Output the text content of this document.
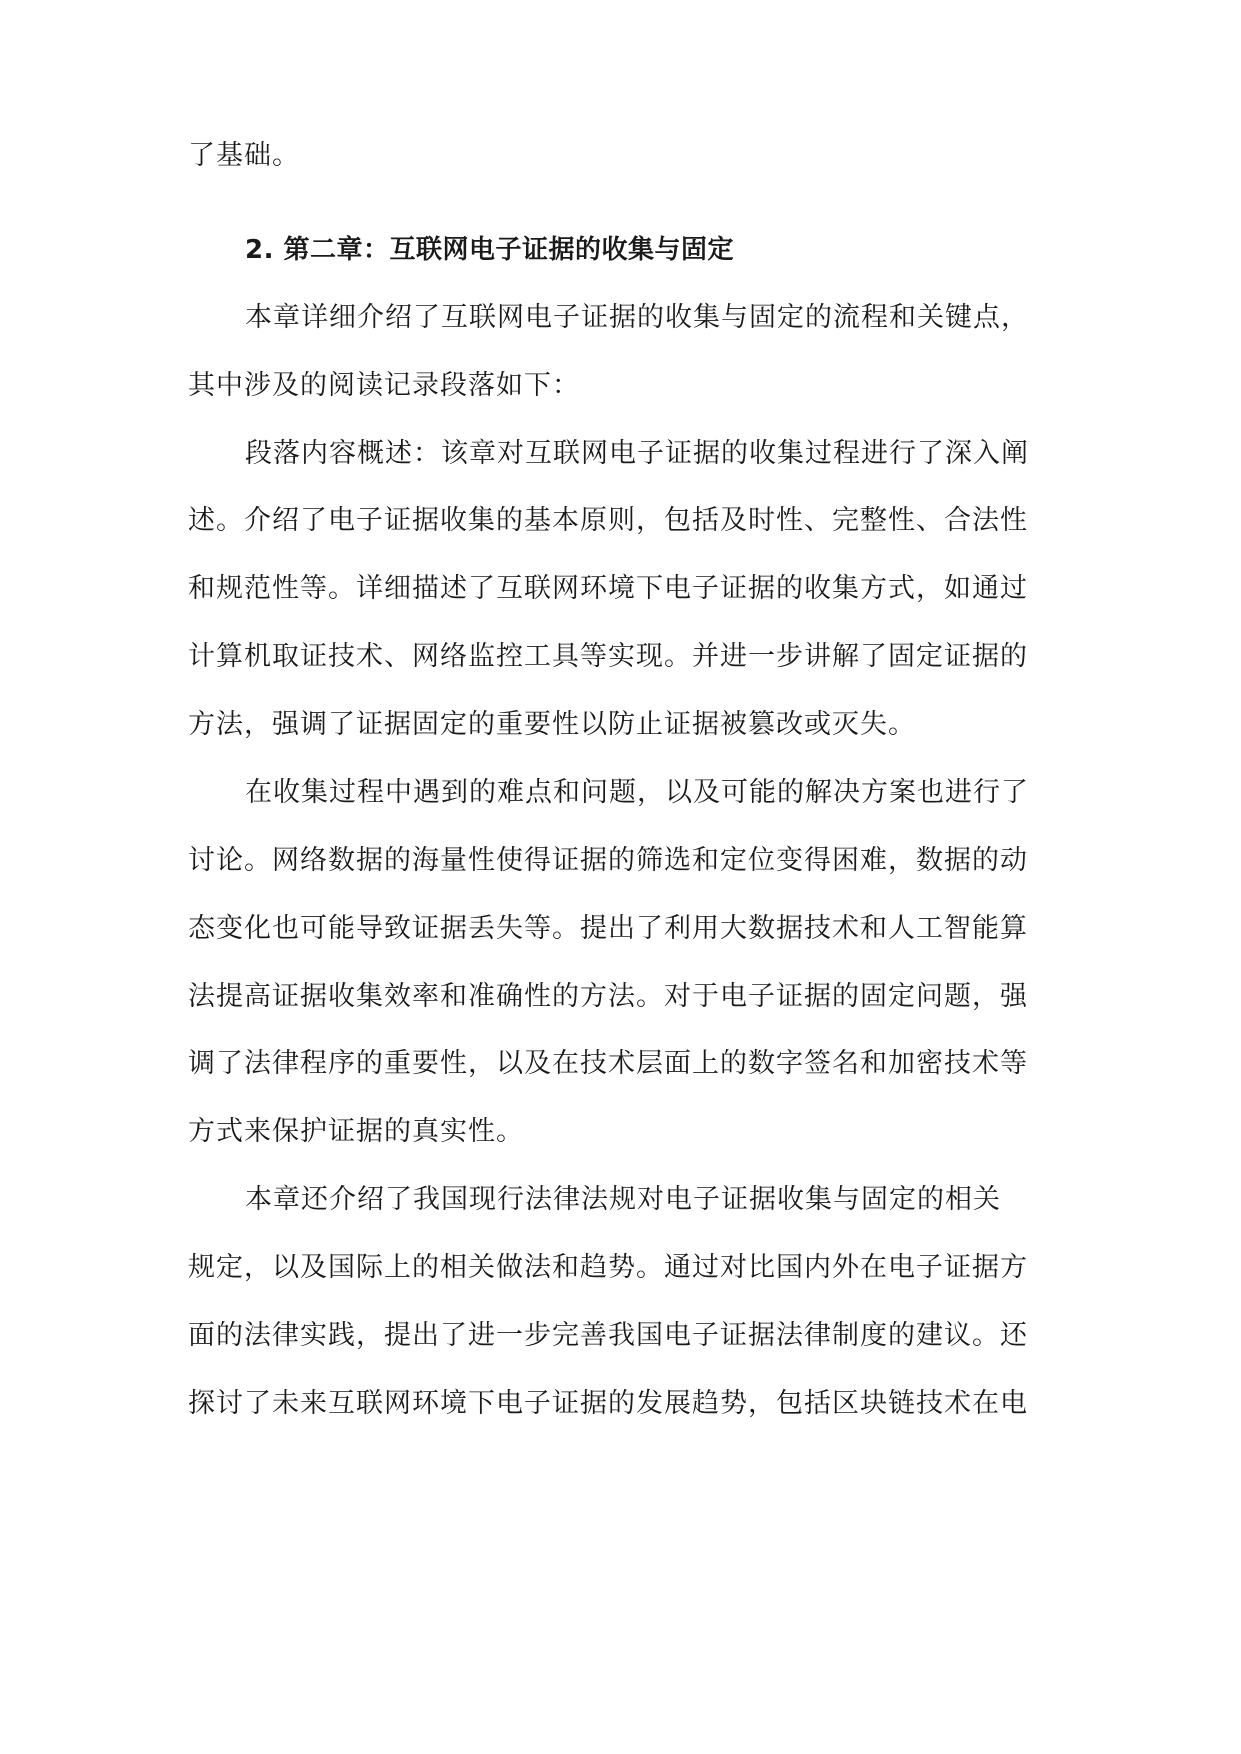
了基础。
2. 第二章：互联网电子证据的收集与固定
本章详细介绍了互联网电子证据的收集与固定的流程和关键点，
其中涉及的阅读记录段落如下：
段落内容概述：该章对互联网电子证据的收集过程进行了深入阐
述。介绍了电子证据收集的基本原则，包括及时性、完整性、合法性
和规范性等。详细描述了互联网环境下电子证据的收集方式，如通过
计算机取证技术、网络监控工具等实现。并进一步讲解了固定证据的
方法，强调了证据固定的重要性以防止证据被篡改或灭失。
在收集过程中遇到的难点和问题，以及可能的解决方案也进行了
讨论。网络数据的海量性使得证据的筛选和定位变得困难，数据的动
态变化也可能导致证据丢失等。提出了利用大数据技术和人工智能算
法提高证据收集效率和准确性的方法。对于电子证据的固定问题，强
调了法律程序的重要性，以及在技术层面上的数字签名和加密技术等
方式来保护证据的真实性。
本章还介绍了我国现行法律法规对电子证据收集与固定的相关
规定，以及国际上的相关做法和趋势。通过对比国内外在电子证据方
面的法律实践，提出了进一步完善我国电子证据法律制度的建议。还
探讨了未来互联网环境下电子证据的发展趋势，包括区块链技术在电
